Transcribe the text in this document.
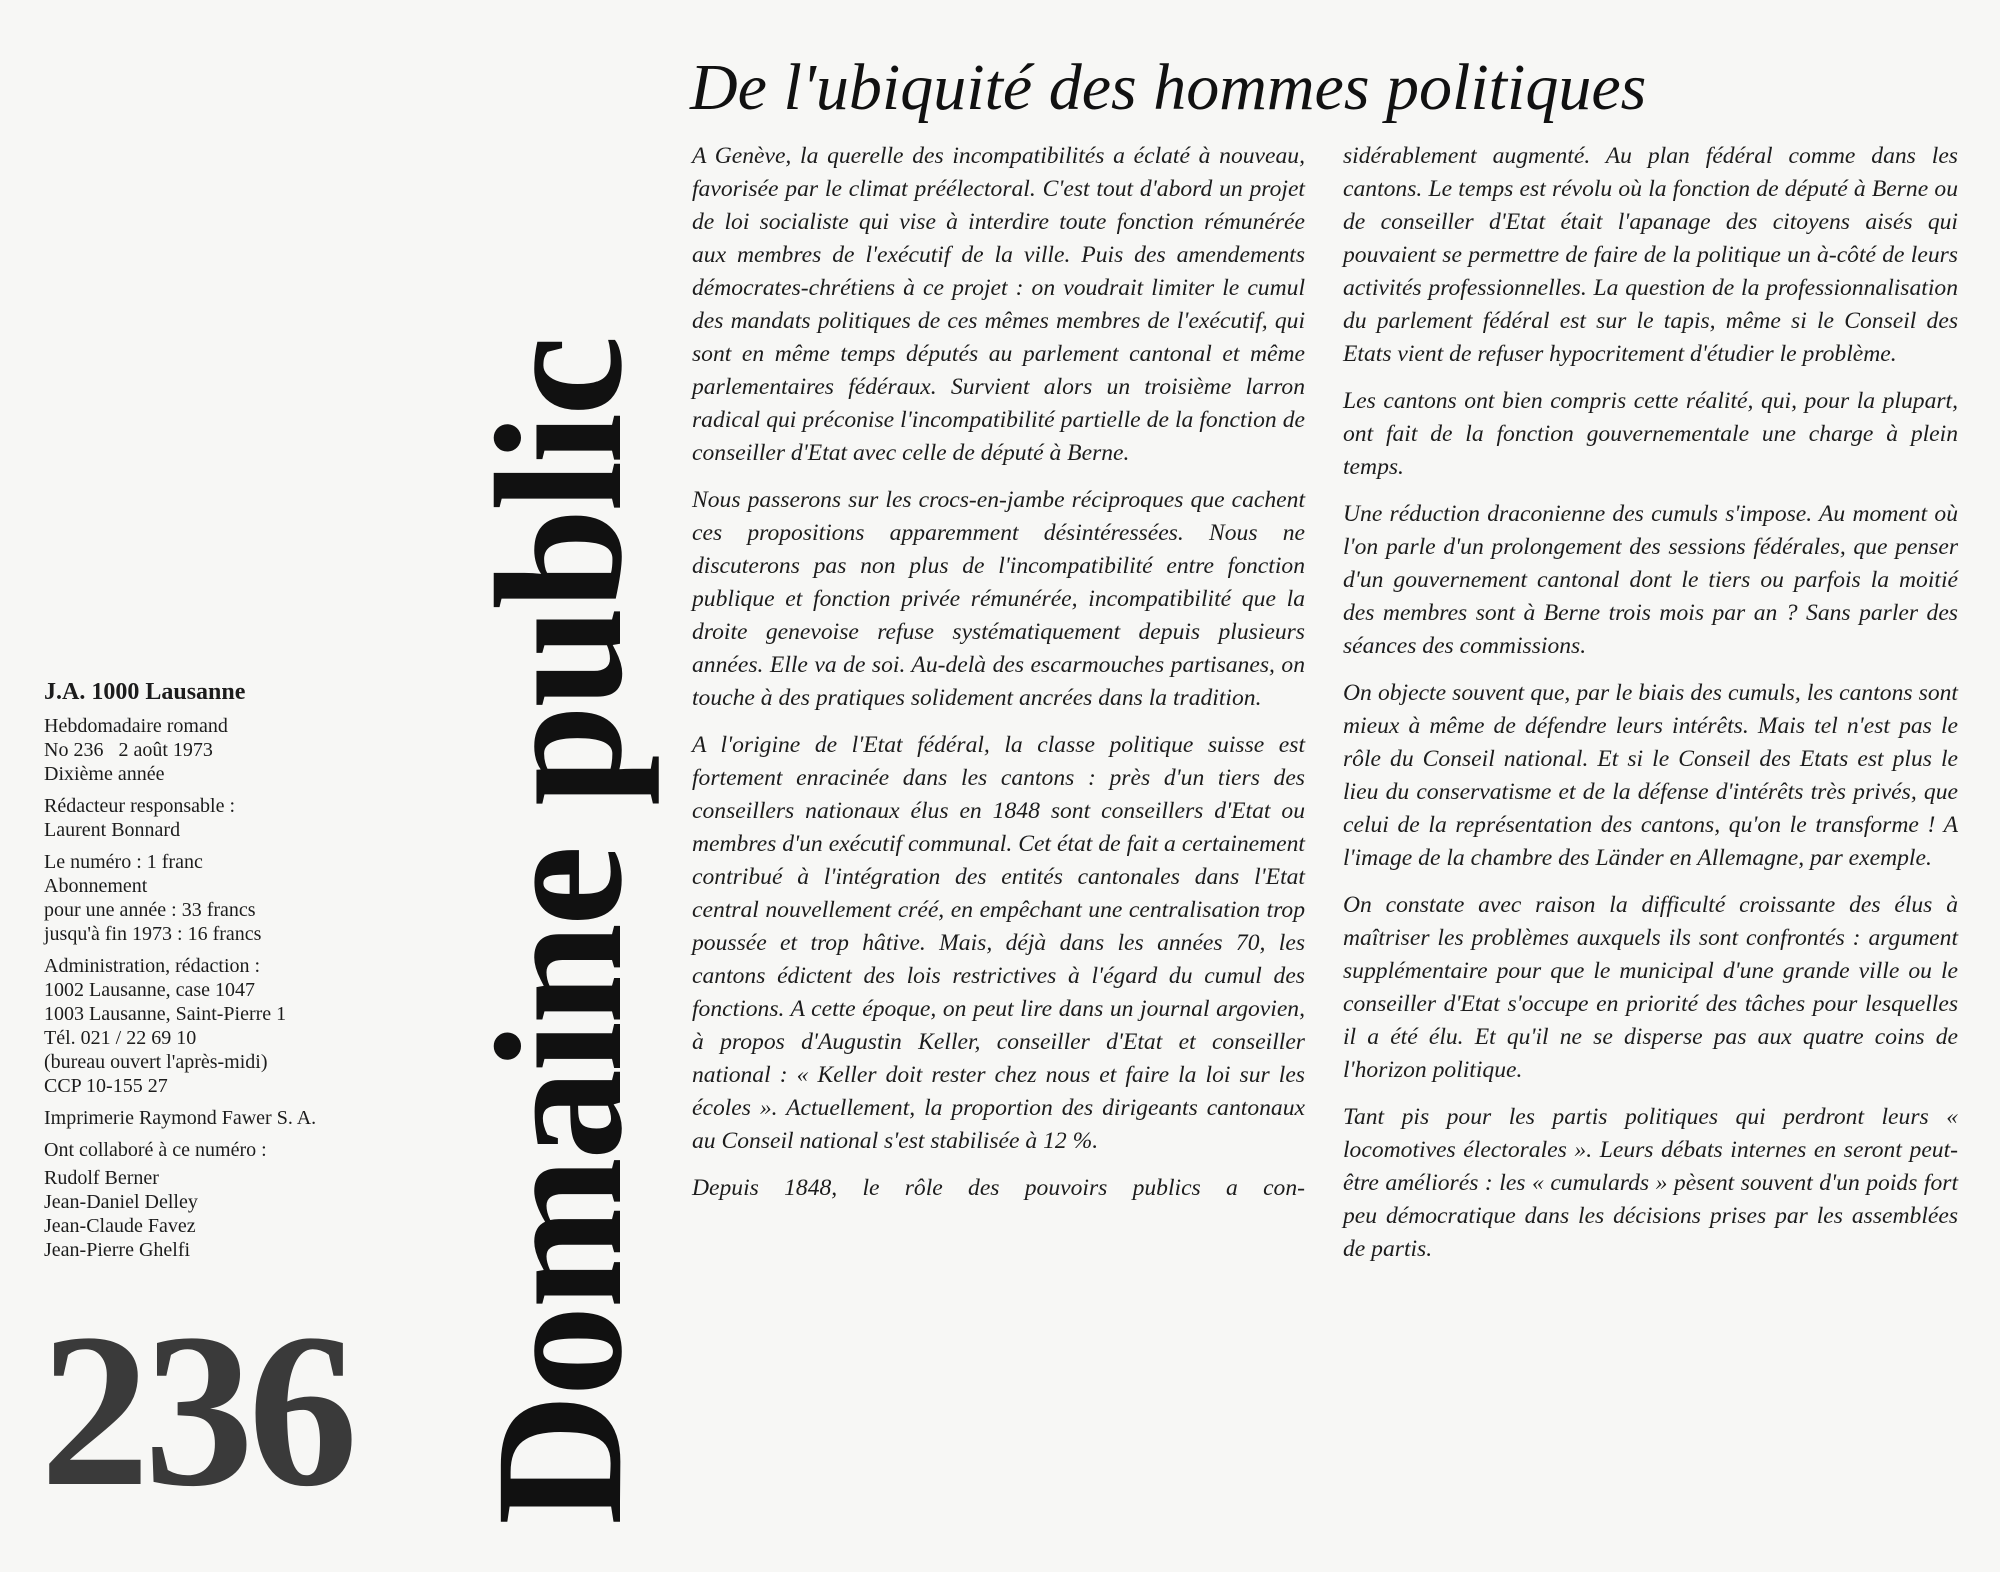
J.A. 1000 Lausanne
Hebdomadaire romand
No 236   2 août 1973
Dixième année
Rédacteur responsable :
Laurent Bonnard
Le numéro : 1 franc
Abonnement
pour une année : 33 francs
jusqu'à fin 1973 : 16 francs
Administration, rédaction :
1002 Lausanne, case 1047
1003 Lausanne, Saint-Pierre 1
Tél. 021 / 22 69 10
(bureau ouvert l'après-midi)
CCP 10-155 27
Imprimerie Raymond Fawer S. A.
Ont collaboré à ce numéro :
Rudolf Berner
Jean-Daniel Delley
Jean-Claude Favez
Jean-Pierre Ghelfi
236 Domaine public
De l'ubiquité des hommes politiques

A Genève, la querelle des incompatibilités a éclaté à nouveau, favorisée par le climat préélectoral. C'est tout d'abord un projet de loi socialiste qui vise à interdire toute fonction rémunérée aux membres de l'exécutif de la ville. Puis des amendements démocrates-chrétiens à ce projet : on voudrait limiter le cumul des mandats politiques de ces mêmes membres de l'exécutif, qui sont en même temps députés au parlement cantonal et même parlementaires fédéraux. Survient alors un troisième larron radical qui préconise l'incompatibilité partielle de la fonction de conseiller d'Etat avec celle de député à Berne.

Nous passerons sur les crocs-en-jambe réciproques que cachent ces propositions apparemment désintéressées. Nous ne discuterons pas non plus de l'incompatibilité entre fonction publique et fonction privée rémunérée, incompatibilité que la droite genevoise refuse systématiquement depuis plusieurs années. Elle va de soi. Au-delà des escarmouches partisanes, on touche à des pratiques solidement ancrées dans la tradition.

A l'origine de l'Etat fédéral, la classe politique suisse est fortement enracinée dans les cantons : près d'un tiers des conseillers nationaux élus en 1848 sont conseillers d'Etat ou membres d'un exécutif communal. Cet état de fait a certainement contribué à l'intégration des entités cantonales dans l'Etat central nouvellement créé, en empêchant une centralisation trop poussée et trop hâtive. Mais, déjà dans les années 70, les cantons édictent des lois restrictives à l'égard du cumul des fonctions. A cette époque, on peut lire dans un journal argovien, à propos d'Augustin Keller, conseiller d'Etat et conseiller national : « Keller doit rester chez nous et faire la loi sur les écoles ». Actuellement, la proportion des dirigeants cantonaux au Conseil national s'est stabilisée à 12 %.

Depuis 1848, le rôle des pouvoirs publics a con-

sidérablement augmenté. Au plan fédéral comme dans les cantons. Le temps est révolu où la fonction de député à Berne ou de conseiller d'Etat était l'apanage des citoyens aisés qui pouvaient se permettre de faire de la politique un à-côté de leurs activités professionnelles. La question de la professionnalisation du parlement fédéral est sur le tapis, même si le Conseil des Etats vient de refuser hypocritement d'étudier le problème.

Les cantons ont bien compris cette réalité, qui, pour la plupart, ont fait de la fonction gouvernementale une charge à plein temps.

Une réduction draconienne des cumuls s'impose. Au moment où l'on parle d'un prolongement des sessions fédérales, que penser d'un gouvernement cantonal dont le tiers ou parfois la moitié des membres sont à Berne trois mois par an ? Sans parler des séances des commissions.

On objecte souvent que, par le biais des cumuls, les cantons sont mieux à même de défendre leurs intérêts. Mais tel n'est pas le rôle du Conseil national. Et si le Conseil des Etats est plus le lieu du conservatisme et de la défense d'intérêts très privés, que celui de la représentation des cantons, qu'on le transforme ! A l'image de la chambre des Länder en Allemagne, par exemple.

On constate avec raison la difficulté croissante des élus à maîtriser les problèmes auxquels ils sont confrontés : argument supplémentaire pour que le municipal d'une grande ville ou le conseiller d'Etat s'occupe en priorité des tâches pour lesquelles il a été élu. Et qu'il ne se disperse pas aux quatre coins de l'horizon politique.

Tant pis pour les partis politiques qui perdront leurs « locomotives électorales ». Leurs débats internes en seront peut-être améliorés : les « cumulards » pèsent souvent d'un poids fort peu démocratique dans les décisions prises par les assemblées de partis.
